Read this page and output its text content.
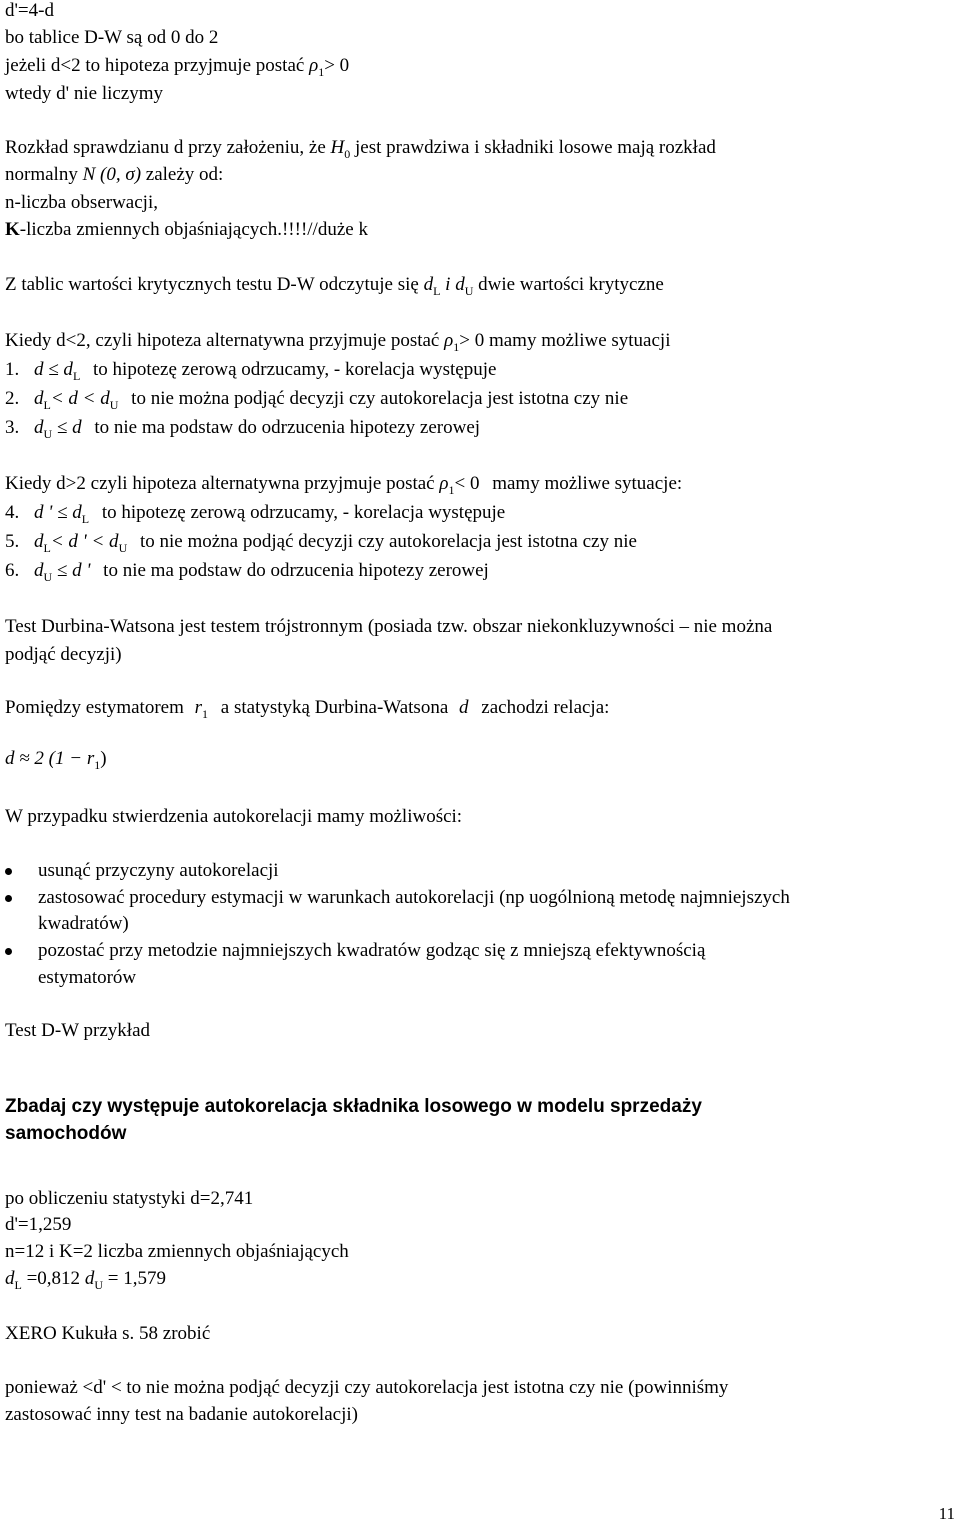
d'=4-d
bo tablice D-W są od 0 do 2
jeżeli d<2 to hipoteza przyjmuje postać $\rho_1> 0$
wtedy d' nie liczymy
Rozkład sprawdzianu d przy założeniu, że $H_0$ jest prawdziwa i składniki losowe mają rozkład
normalny N (0, σ) zależy od:
n-liczba obserwacji,
K-liczba zmiennych objaśniających.!!!!//duże k
Z tablic wartości krytycznych testu D-W odczytuje się $d_L$ i $d_U$ dwie wartości krytyczne
Kiedy d<2, czyli hipoteza alternatywna przyjmuje postać $\rho_1> 0$ mamy możliwe sytuacji
1. $d \le d_L$ to hipotezę zerową odrzucamy, - korelacja występuje
2. $d_L< d < d_U$ to nie można podjąć decyzji czy autokorelacja jest istotna czy nie
3. $d_U \le d$ to nie ma podstaw do odrzucenia hipotezy zerowej
Kiedy d>2 czyli hipoteza alternatywna przyjmuje postać $\rho_1< 0$ mamy możliwe sytuacje:
4. d ' ≤ $d_L$ to hipotezę zerową odrzucamy, - korelacja występuje
5. $d_L< d$ ' < $d_U$ to nie można podjąć decyzji czy autokorelacja jest istotna czy nie
6. $d_U \le d$ ' to nie ma podstaw do odrzucenia hipotezy zerowej
Test Durbina-Watsona jest testem trójstronnym (posiada tzw. obszar niekonkluzywności – nie można
podjąć decyzji)
Pomiędzy estymatorem $r_1$ a statystyką Durbina-Watsona d zachodzi relacja:
d ≈ 2 $(1 - r_1)$
W przypadku stwierdzenia autokorelacji mamy możliwości:
usunąć przyczyny autokorelacji
zastosować procedury estymacji w warunkach autokorelacji (np uogólnioną metodę najmniejszych
kwadratów)
pozostać przy metodzie najmniejszych kwadratów godząc się z mniejszą efektywnością
estymatorów
Test D-W przykład
Zbadaj czy występuje autokorelacja składnika losowego w modelu sprzedaży
samochodów
po obliczeniu statystyki d=2,741
d'=1,259
n=12 i K=2 liczba zmiennych objaśniających
$d_L =0,812$ $d_U = 1,579$
XERO Kukuła s. 58 zrobić
ponieważ <d' < to nie można podjąć decyzji czy autokorelacja jest istotna czy nie (powinniśmy
zastosować inny test na badanie autokorelacji)
11
